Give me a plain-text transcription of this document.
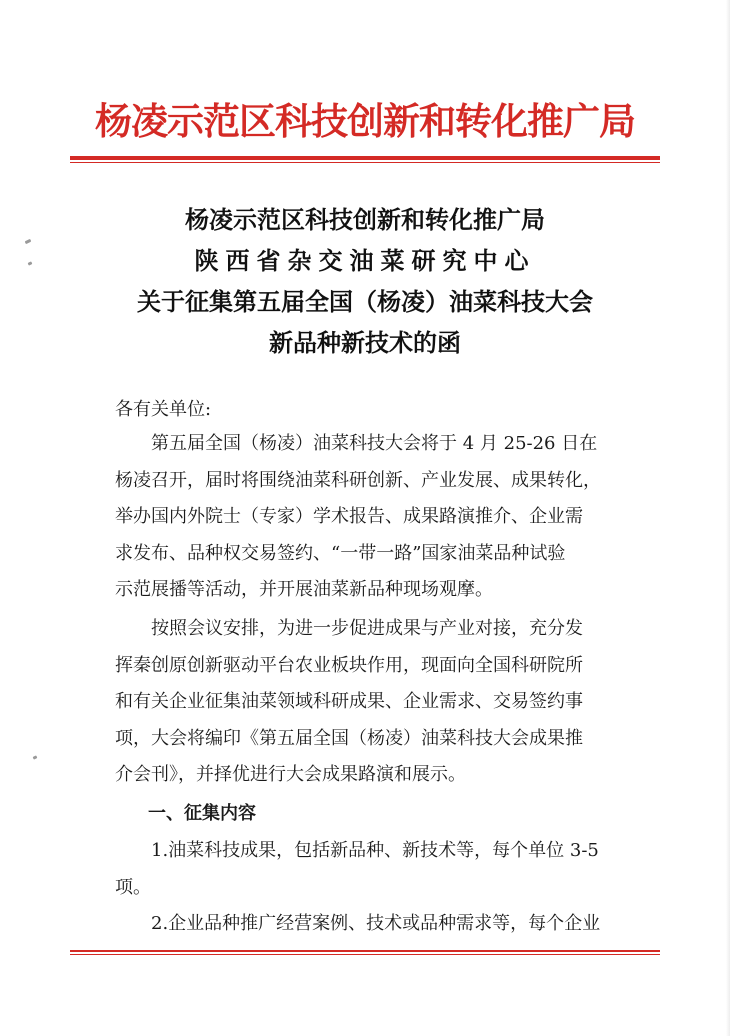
杨凌示范区科技创新和转化推广局
杨凌示范区科技创新和转化推广局
陕西省杂交油菜研究中心
关于征集第五届全国（杨凌）油菜科技大会
新品种新技术的函
各有关单位:
　　第五届全国（杨凌）油菜科技大会将于 4 月 25-26 日在
杨凌召开，届时将围绕油菜科研创新、产业发展、成果转化，
举办国内外院士（专家）学术报告、成果路演推介、企业需
求发布、品种权交易签约、“一带一路”国家油菜品种试验
示范展播等活动，并开展油菜新品种现场观摩。
　　按照会议安排，为进一步促进成果与产业对接，充分发
挥秦创原创新驱动平台农业板块作用，现面向全国科研院所
和有关企业征集油菜领域科研成果、企业需求、交易签约事
项，大会将编印《第五届全国（杨凌）油菜科技大会成果推
介会刊》，并择优进行大会成果路演和展示。
一、征集内容
　　1.油菜科技成果，包括新品种、新技术等，每个单位 3-5
项。
　　2.企业品种推广经营案例、技术或品种需求等，每个企业
